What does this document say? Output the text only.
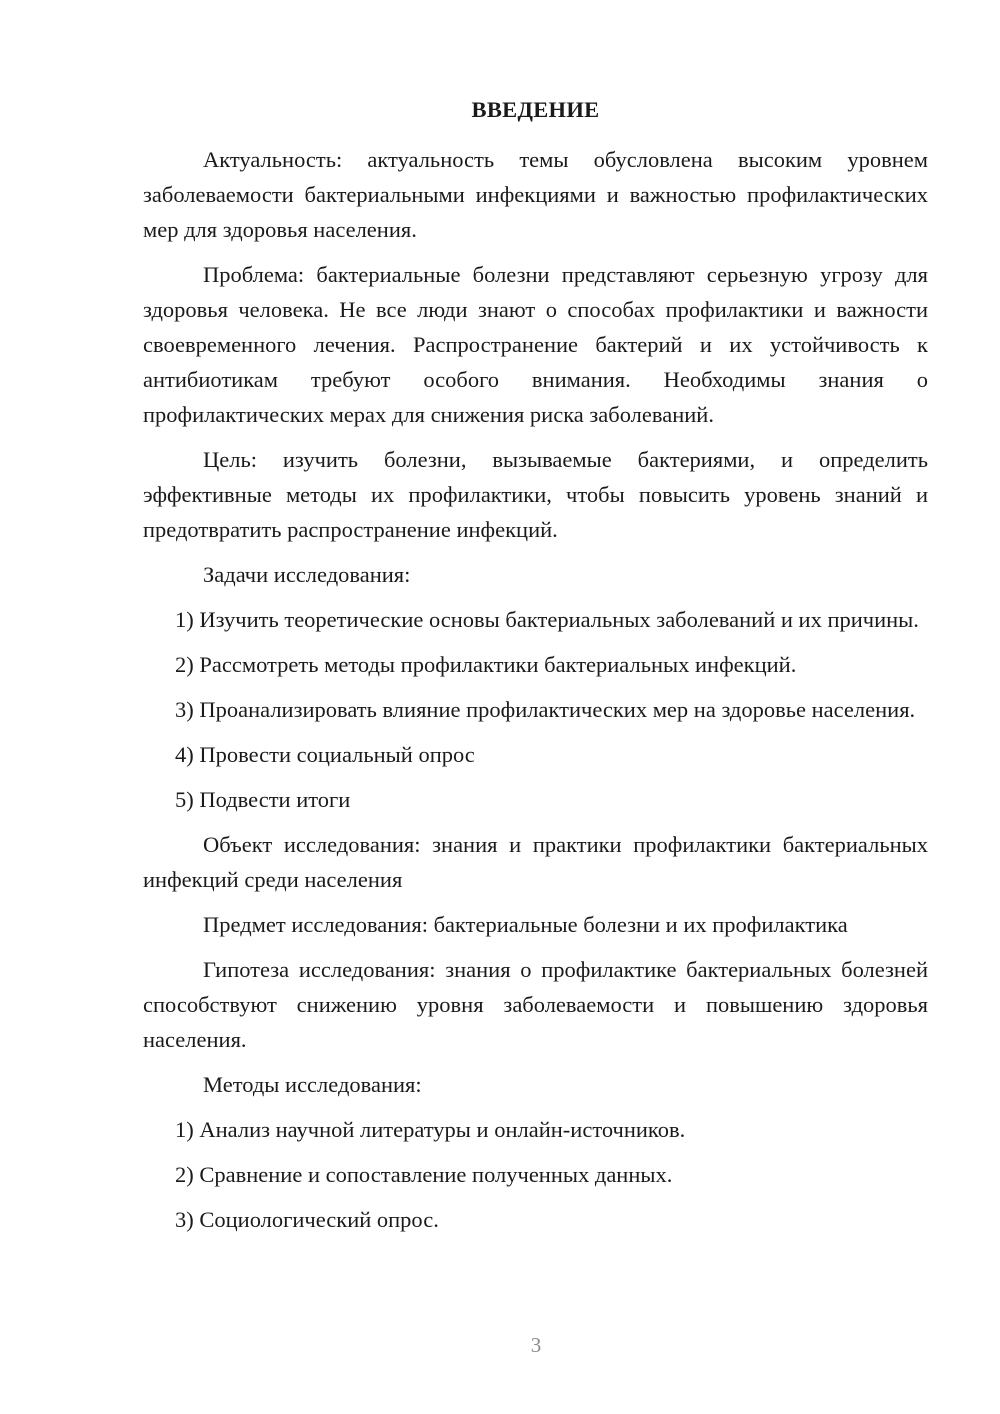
ВВЕДЕНИЕ

Актуальность: актуальность темы обусловлена высоким уровнем заболеваемости бактериальными инфекциями и важностью профилактических мер для здоровья населения.

Проблема: бактериальные болезни представляют серьезную угрозу для здоровья человека. Не все люди знают о способах профилактики и важности своевременного лечения. Распространение бактерий и их устойчивость к антибиотикам требуют особого внимания. Необходимы знания о профилактических мерах для снижения риска заболеваний.

Цель: изучить болезни, вызываемые бактериями, и определить эффективные методы их профилактики, чтобы повысить уровень знаний и предотвратить распространение инфекций.

Задачи исследования:

1) Изучить теоретические основы бактериальных заболеваний и их причины.

2) Рассмотреть методы профилактики бактериальных инфекций.

3) Проанализировать влияние профилактических мер на здоровье населения.

4) Провести социальный опрос

5) Подвести итоги

Объект исследования: знания и практики профилактики бактериальных инфекций среди населения

Предмет исследования: бактериальные болезни и их профилактика

Гипотеза исследования: знания о профилактике бактериальных болезней способствуют снижению уровня заболеваемости и повышению здоровья населения.

Методы исследования:

1) Анализ научной литературы и онлайн-источников.

2) Сравнение и сопоставление полученных данных.

3) Социологический опрос.

3
